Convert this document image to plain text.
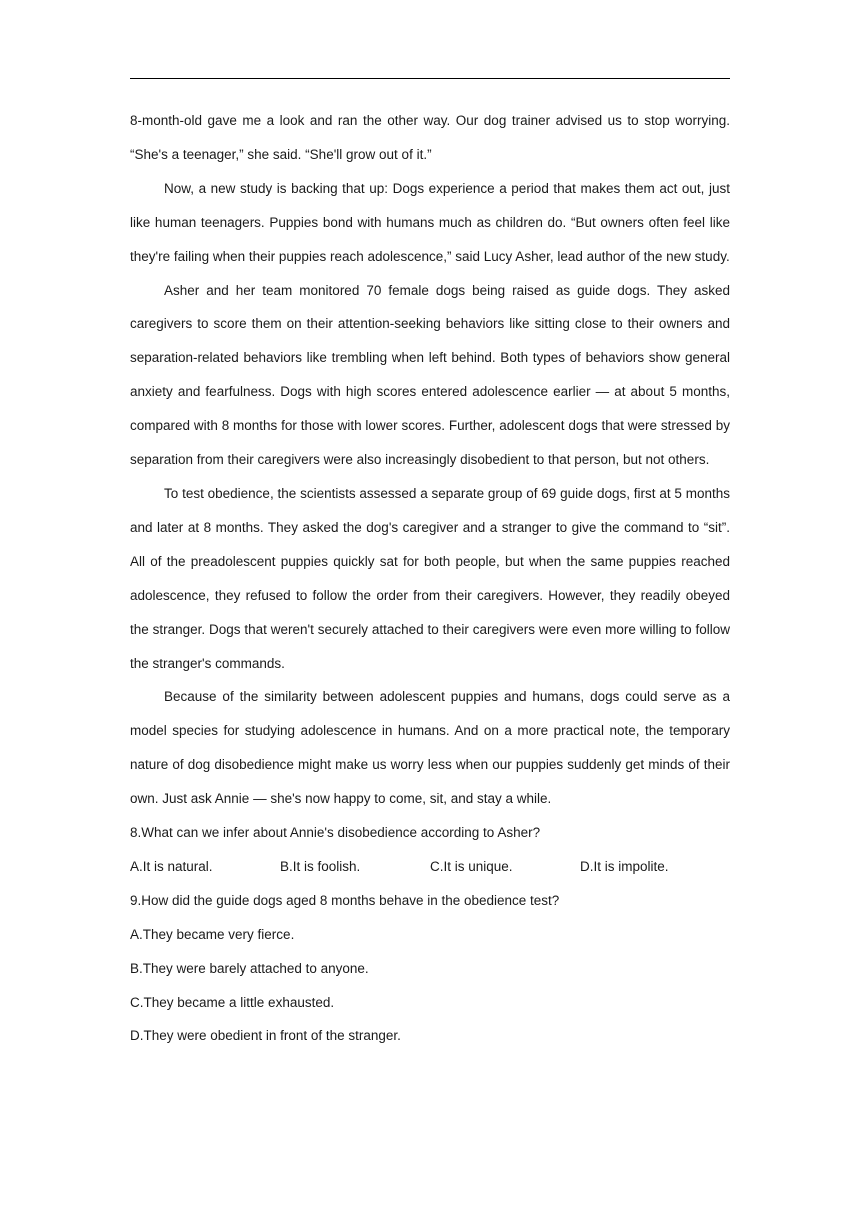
8-month-old gave me a look and ran the other way. Our dog trainer advised us to stop worrying. “She's a teenager,” she said. “She'll grow out of it.”

Now, a new study is backing that up: Dogs experience a period that makes them act out, just like human teenagers. Puppies bond with humans much as children do. “But owners often feel like they're failing when their puppies reach adolescence,” said Lucy Asher, lead author of the new study.

Asher and her team monitored 70 female dogs being raised as guide dogs. They asked caregivers to score them on their attention-seeking behaviors like sitting close to their owners and separation-related behaviors like trembling when left behind. Both types of behaviors show general anxiety and fearfulness. Dogs with high scores entered adolescence earlier — at about 5 months, compared with 8 months for those with lower scores. Further, adolescent dogs that were stressed by separation from their caregivers were also increasingly disobedient to that person, but not others.

To test obedience, the scientists assessed a separate group of 69 guide dogs, first at 5 months and later at 8 months. They asked the dog's caregiver and a stranger to give the command to “sit”. All of the preadolescent puppies quickly sat for both people, but when the same puppies reached adolescence, they refused to follow the order from their caregivers. However, they readily obeyed the stranger. Dogs that weren't securely attached to their caregivers were even more willing to follow the stranger's commands.

Because of the similarity between adolescent puppies and humans, dogs could serve as a model species for studying adolescence in humans. And on a more practical note, the temporary nature of dog disobedience might make us worry less when our puppies suddenly get minds of their own. Just ask Annie — she's now happy to come, sit, and stay a while.

8.What can we infer about Annie's disobedience according to Asher?

A.It is natural.	B.It is foolish.	C.It is unique.	D.It is impolite.

9.How did the guide dogs aged 8 months behave in the obedience test?

A.They became very fierce.

B.They were barely attached to anyone.

C.They became a little exhausted.

D.They were obedient in front of the stranger.
